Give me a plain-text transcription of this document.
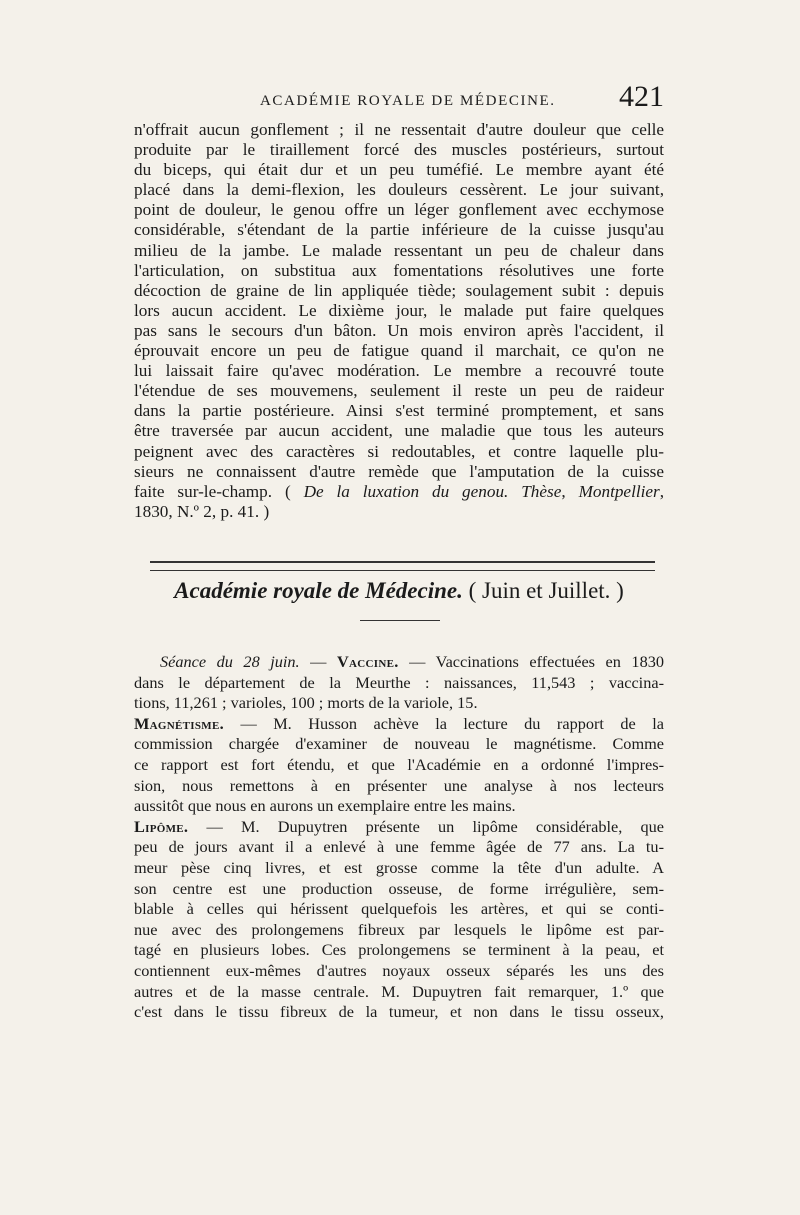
ACADÉMIE ROYALE DE MÉDECINE. 421
n'offrait aucun gonflement ; il ne ressentait d'autre douleur que celle
produite par le tiraillement forcé des muscles postérieurs, surtout
du biceps, qui était dur et un peu tuméfié. Le membre ayant été
placé dans la demi-flexion, les douleurs cessèrent. Le jour suivant,
point de douleur, le genou offre un léger gonflement avec ecchymose
considérable, s'étendant de la partie inférieure de la cuisse jusqu'au
milieu de la jambe. Le malade ressentant un peu de chaleur dans
l'articulation, on substitua aux fomentations résolutives une forte
décoction de graine de lin appliquée tiède; soulagement subit : depuis
lors aucun accident. Le dixième jour, le malade put faire quelques
pas sans le secours d'un bâton. Un mois environ après l'accident, il
éprouvait encore un peu de fatigue quand il marchait, ce qu'on ne
lui laissait faire qu'avec modération. Le membre a recouvré toute
l'étendue de ses mouvemens, seulement il reste un peu de raideur
dans la partie postérieure. Ainsi s'est terminé promptement, et sans
être traversée par aucun accident, une maladie que tous les auteurs
peignent avec des caractères si redoutables, et contre laquelle plu-
sieurs ne connaissent d'autre remède que l'amputation de la cuisse
faite sur-le-champ. ( De la luxation du genou. Thèse, Montpellier,
1830, N.º 2, p. 41. )
Académie royale de Médecine. ( Juin et Juillet. )
Séance du 28 juin. — Vaccine. — Vaccinations effectuées en 1830
dans le département de la Meurthe : naissances, 11,543 ; vaccina-
tions, 11,261 ; varioles, 100 ; morts de la variole, 15.
Magnétisme. — M. Husson achève la lecture du rapport de la
commission chargée d'examiner de nouveau le magnétisme. Comme
ce rapport est fort étendu, et que l'Académie en a ordonné l'impres-
sion, nous remettons à en présenter une analyse à nos lecteurs
aussitôt que nous en aurons un exemplaire entre les mains.
Lipôme. — M. Dupuytren présente un lipôme considérable, que
peu de jours avant il a enlevé à une femme âgée de 77 ans. La tu-
meur pèse cinq livres, et est grosse comme la tête d'un adulte. A
son centre est une production osseuse, de forme irrégulière, sem-
blable à celles qui hérissent quelquefois les artères, et qui se conti-
nue avec des prolongemens fibreux par lesquels le lipôme est par-
tagé en plusieurs lobes. Ces prolongemens se terminent à la peau, et
contiennent eux-mêmes d'autres noyaux osseux séparés les uns des
autres et de la masse centrale. M. Dupuytren fait remarquer, 1.º que
c'est dans le tissu fibreux de la tumeur, et non dans le tissu osseux,
